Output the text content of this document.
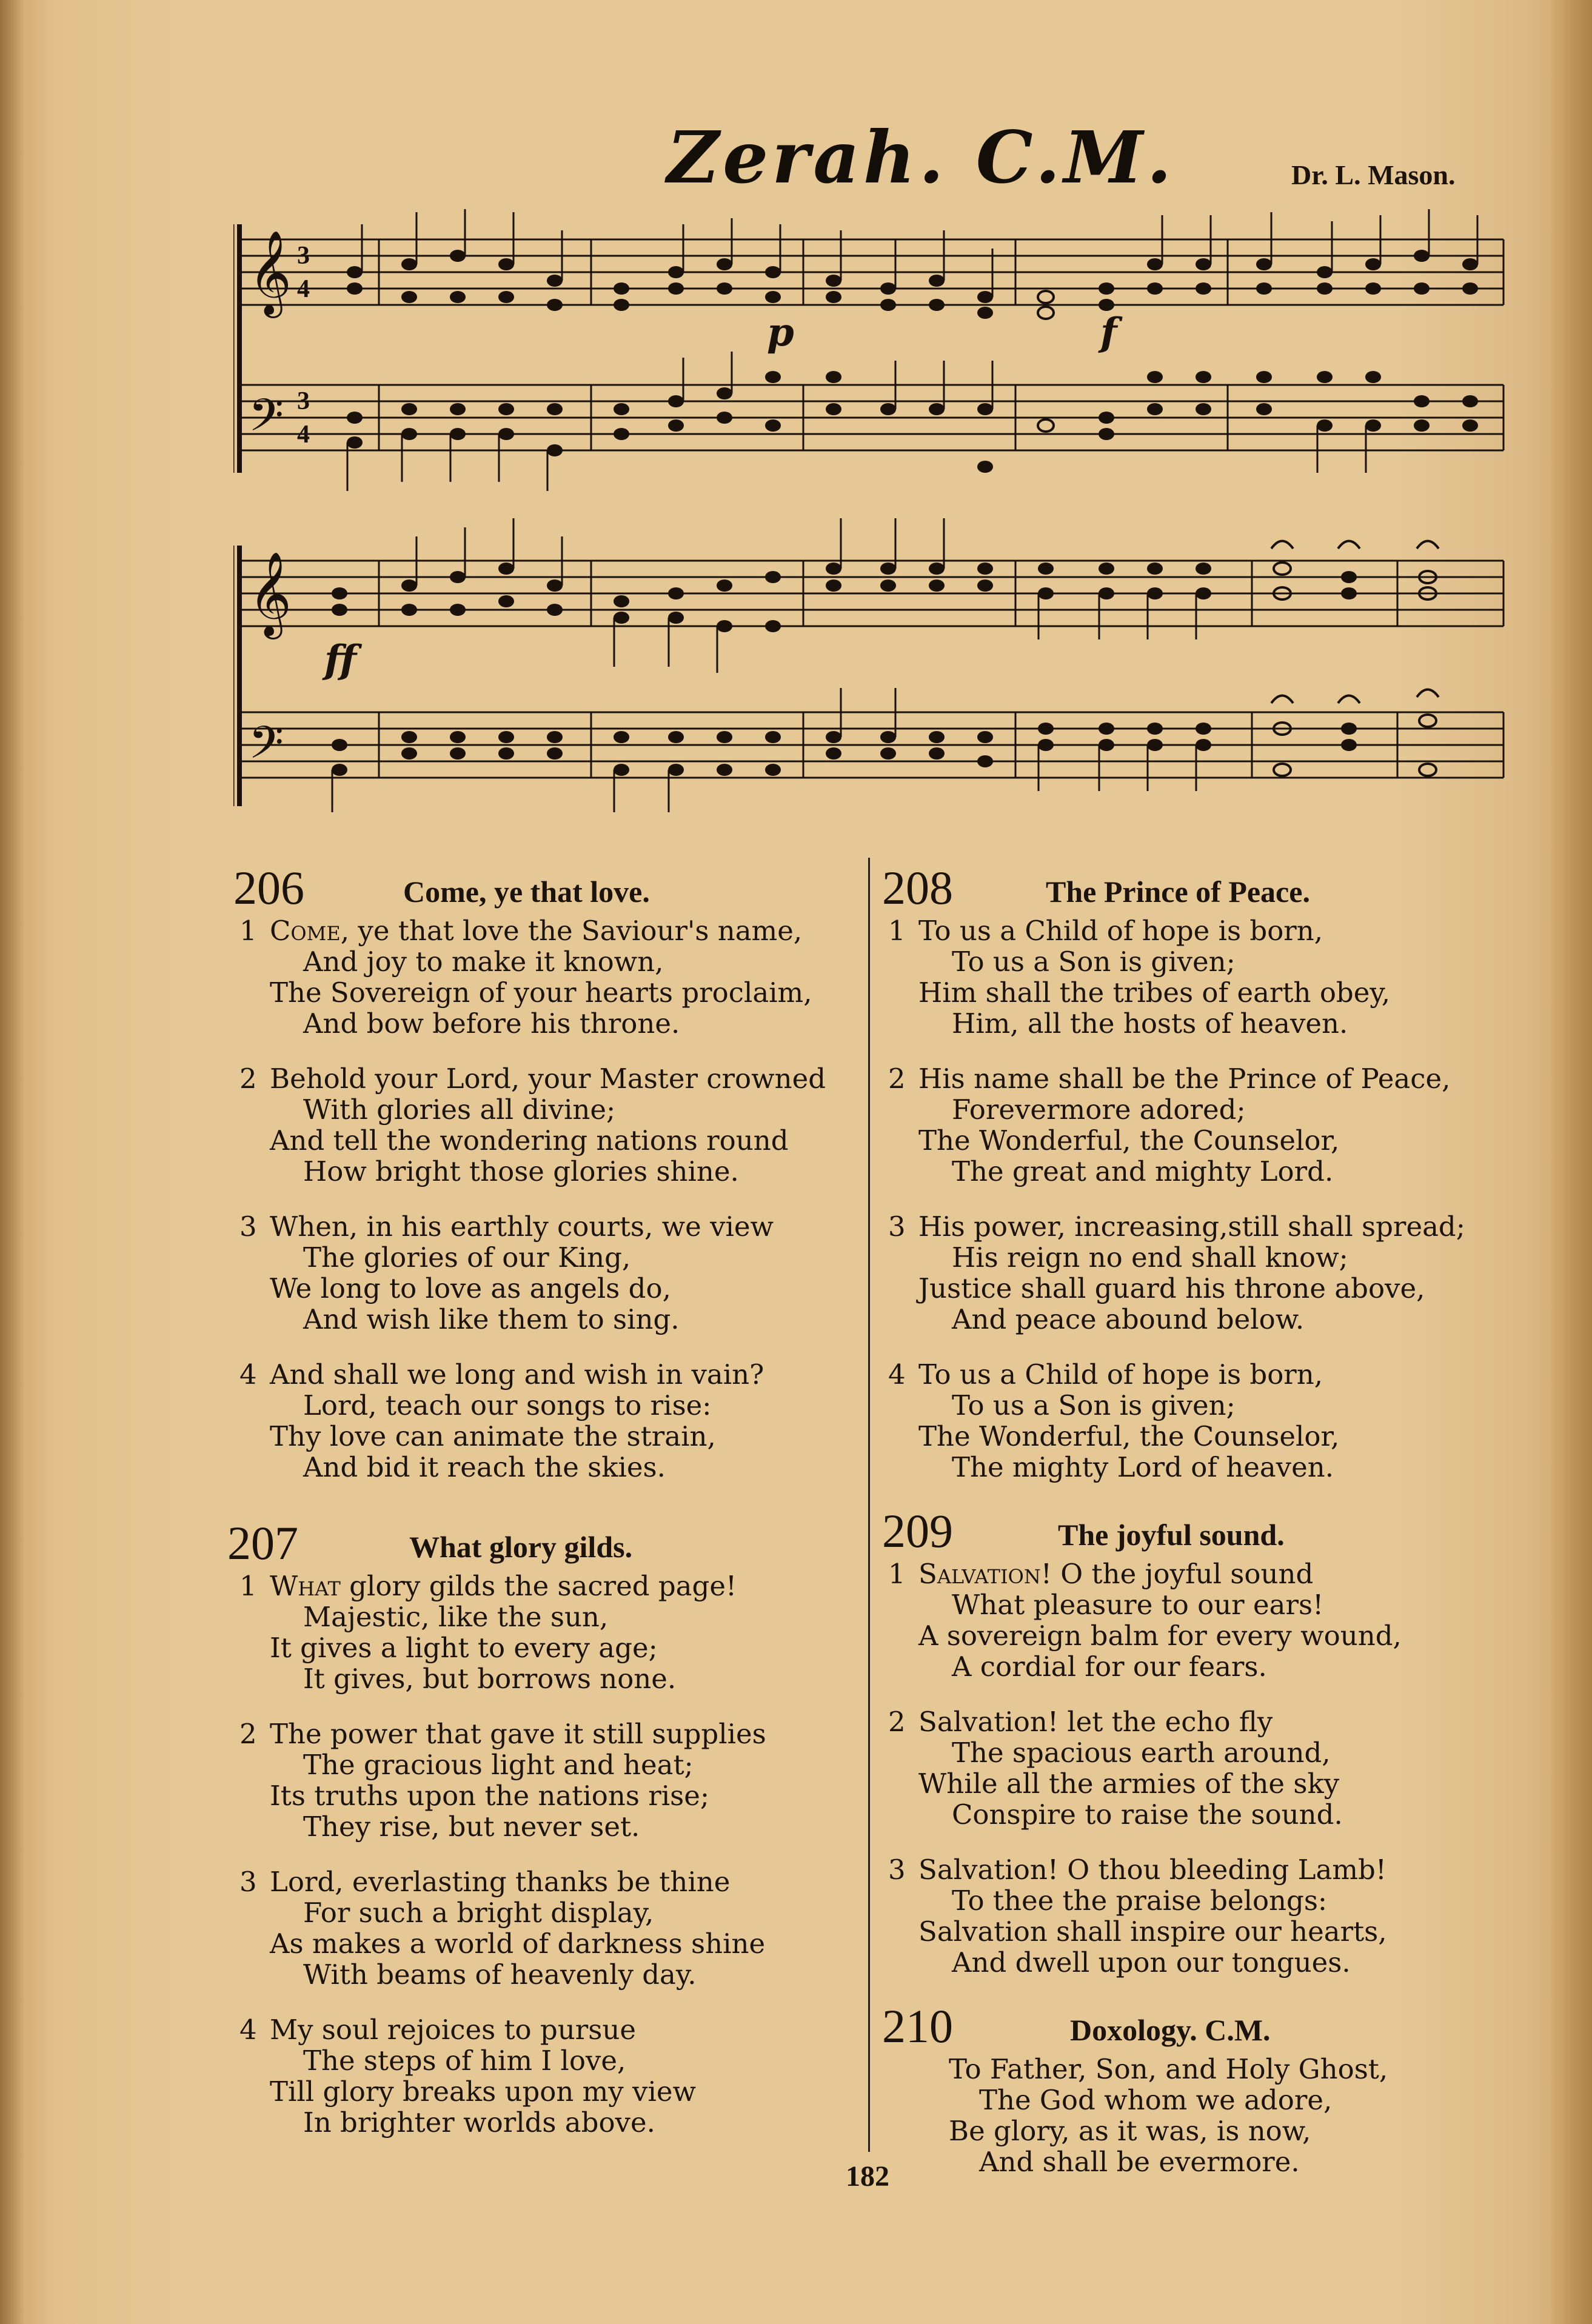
Zerah. C.M.	Dr. L. Mason.
𝄞
𝄢
3
4
3
4
p	f
𝄞
𝄢
ff
206	Come, ye that love.
1 Come, ye that love the Saviour's name,
And joy to make it known,
The Sovereign of your hearts proclaim,
And bow before his throne.
2 Behold your Lord, your Master crowned
With glories all divine;
And tell the wondering nations round
How bright those glories shine.
3 When, in his earthly courts, we view
The glories of our King,
We long to love as angels do,
And wish like them to sing.
4 And shall we long and wish in vain?
Lord, teach our songs to rise:
Thy love can animate the strain,
And bid it reach the skies.
207	What glory gilds.
1 What glory gilds the sacred page!
Majestic, like the sun,
It gives a light to every age;
It gives, but borrows none.
2 The power that gave it still supplies
The gracious light and heat;
Its truths upon the nations rise;
They rise, but never set.
3 Lord, everlasting thanks be thine
For such a bright display,
As makes a world of darkness shine
With beams of heavenly day.
4 My soul rejoices to pursue
The steps of him I love,
Till glory breaks upon my view
In brighter worlds above.
208	The Prince of Peace.
1 To us a Child of hope is born,
To us a Son is given;
Him shall the tribes of earth obey,
Him, all the hosts of heaven.
2 His name shall be the Prince of Peace,
Forevermore adored;
The Wonderful, the Counselor,
The great and mighty Lord.
3 His power, increasing,still shall spread;
His reign no end shall know;
Justice shall guard his throne above,
And peace abound below.
4 To us a Child of hope is born,
To us a Son is given;
The Wonderful, the Counselor,
The mighty Lord of heaven.
209	The joyful sound.
1 Salvation! O the joyful sound
What pleasure to our ears!
A sovereign balm for every wound,
A cordial for our fears.
2 Salvation! let the echo fly
The spacious earth around,
While all the armies of the sky
Conspire to raise the sound.
3 Salvation! O thou bleeding Lamb!
To thee the praise belongs:
Salvation shall inspire our hearts,
And dwell upon our tongues.
210	Doxology. C.M.
To Father, Son, and Holy Ghost,
The God whom we adore,
Be glory, as it was, is now,
And shall be evermore.
182
